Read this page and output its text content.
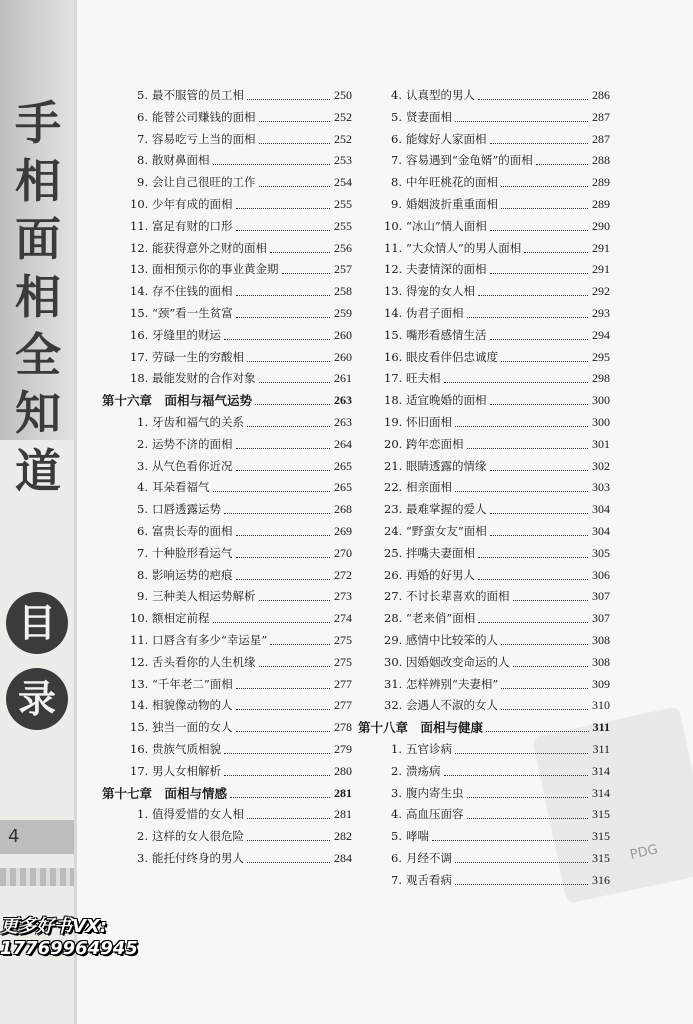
手
相
面
相
全
知
道
目
录
4
更多好书VX:
17769964945
PDG
5. 最不服管的员工相	250
6. 能替公司赚钱的面相	252
7. 容易吃亏上当的面相	252
8. 散财鼻面相	253
9. 会让自己很旺的工作	254
10. 少年有成的面相	255
11. 富足有财的口形	255
12. 能获得意外之财的面相	256
13. 面相预示你的事业黄金期	257
14. 存不住钱的面相	258
15. “颈”看一生贫富	259
16. 牙缝里的财运	260
17. 劳碌一生的穷酸相	260
18. 最能发财的合作对象	261
第十六章　面相与福气运势	263
1. 牙齿和福气的关系	263
2. 运势不济的面相	264
3. 从气色看你近况	265
4. 耳朵看福气	265
5. 口唇透露运势	268
6. 富贵长寿的面相	269
7. 十种脸形看运气	270
8. 影响运势的疤痕	272
9. 三种美人相运势解析	273
10. 额相定前程	274
11. 口唇含有多少“幸运星”	275
12. 舌头看你的人生机缘	275
13. “千年老二”面相	277
14. 相貌像动物的人	277
15. 独当一面的女人	278
16. 贵族气质相貌	279
17. 男人女相解析	280
第十七章　面相与情感	281
1. 值得爱惜的女人相	281
2. 这样的女人很危险	282
3. 能托付终身的男人	284
4. 认真型的男人	286
5. 贤妻面相	287
6. 能嫁好人家面相	287
7. 容易遇到“金龟婿”的面相	288
8. 中年旺桃花的面相	289
9. 婚姻波折重重面相	289
10. “冰山”情人面相	290
11. “大众情人”的男人面相	291
12. 夫妻情深的面相	291
13. 得宠的女人相	292
14. 伪君子面相	293
15. 嘴形看感情生活	294
16. 眼皮看伴侣忠诚度	295
17. 旺夫相	298
18. 适宜晚婚的面相	300
19. 怀旧面相	300
20. 跨年恋面相	301
21. 眼睛透露的情缘	302
22. 相亲面相	303
23. 最难掌握的爱人	304
24. “野蛮女友”面相	304
25. 拌嘴夫妻面相	305
26. 再婚的好男人	306
27. 不讨长辈喜欢的面相	307
28. “老来俏”面相	307
29. 感情中比较笨的人	308
30. 因婚姻改变命运的人	308
31. 怎样辨别“夫妻相”	309
32. 会遇人不淑的女人	310
第十八章　面相与健康	311
1. 五官诊病	311
2. 溃疡病	314
3. 腹内寄生虫	314
4. 高血压面容	315
5. 哮喘	315
6. 月经不调	315
7. 观舌看病	316
